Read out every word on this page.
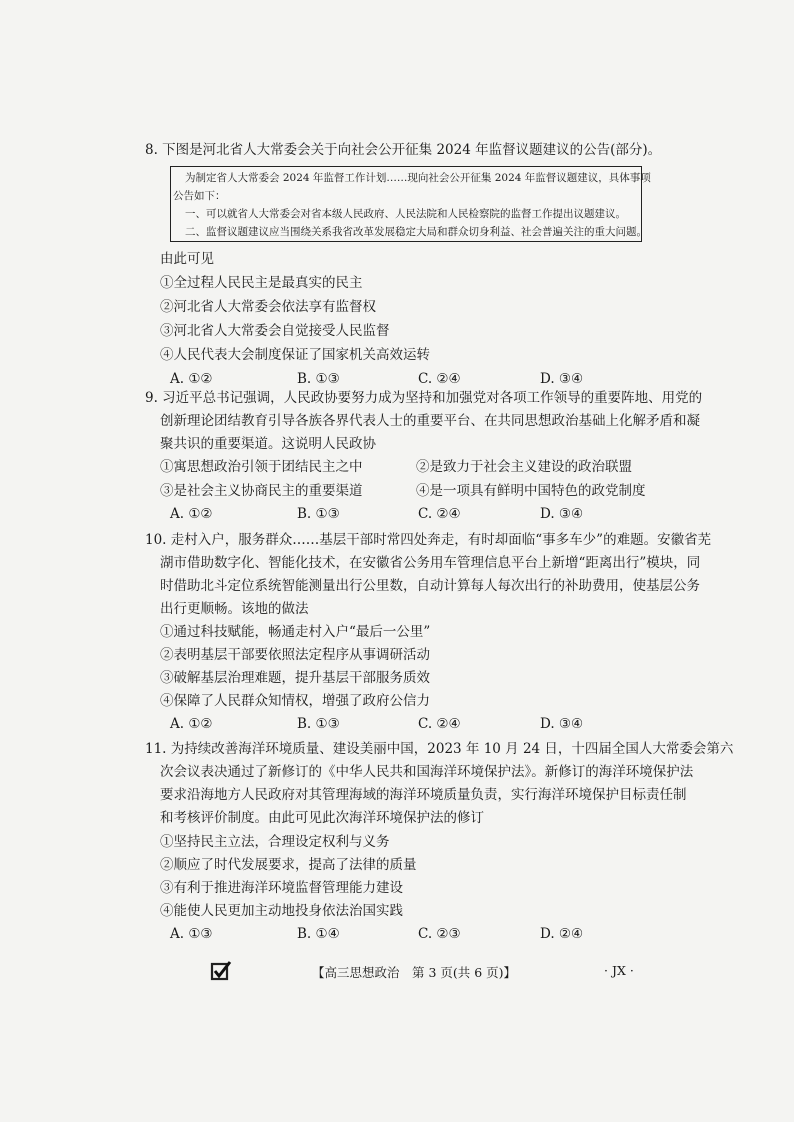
8. 下图是河北省人大常委会关于向社会公开征集 2024 年监督议题建议的公告(部分)。
为制定省人大常委会 2024 年监督工作计划……现向社会公开征集 2024 年监督议题建议，具体事项
公告如下：
一、可以就省人大常委会对省本级人民政府、人民法院和人民检察院的监督工作提出议题建议。
二、监督议题建议应当围绕关系我省改革发展稳定大局和群众切身利益、社会普遍关注的重大问题。
由此可见
①全过程人民民主是最真实的民主
②河北省人大常委会依法享有监督权
③河北省人大常委会自觉接受人民监督
④人民代表大会制度保证了国家机关高效运转
A. ①②	B. ①③	C. ②④	D. ③④
9. 习近平总书记强调，人民政协要努力成为坚持和加强党对各项工作领导的重要阵地、用党的
创新理论团结教育引导各族各界代表人士的重要平台、在共同思想政治基础上化解矛盾和凝
聚共识的重要渠道。这说明人民政协
①寓思想政治引领于团结民主之中	②是致力于社会主义建设的政治联盟
③是社会主义协商民主的重要渠道	④是一项具有鲜明中国特色的政党制度
A. ①②	B. ①③	C. ②④	D. ③④
10. 走村入户，服务群众……基层干部时常四处奔走，有时却面临“事多车少”的难题。安徽省芜
湖市借助数字化、智能化技术，在安徽省公务用车管理信息平台上新增“距离出行”模块，同
时借助北斗定位系统智能测量出行公里数，自动计算每人每次出行的补助费用，使基层公务
出行更顺畅。该地的做法
①通过科技赋能，畅通走村入户“最后一公里”
②表明基层干部要依照法定程序从事调研活动
③破解基层治理难题，提升基层干部服务质效
④保障了人民群众知情权，增强了政府公信力
A. ①②	B. ①③	C. ②④	D. ③④
11. 为持续改善海洋环境质量、建设美丽中国，2023 年 10 月 24 日，十四届全国人大常委会第六
次会议表决通过了新修订的《中华人民共和国海洋环境保护法》。新修订的海洋环境保护法
要求沿海地方人民政府对其管理海域的海洋环境质量负责，实行海洋环境保护目标责任制
和考核评价制度。由此可见此次海洋环境保护法的修订
①坚持民主立法，合理设定权利与义务
②顺应了时代发展要求，提高了法律的质量
③有利于推进海洋环境监督管理能力建设
④能使人民更加主动地投身依法治国实践
A. ①③	B. ①④	C. ②③	D. ②④
【高三思想政治　第 3 页(共 6 页)】	· JX ·
